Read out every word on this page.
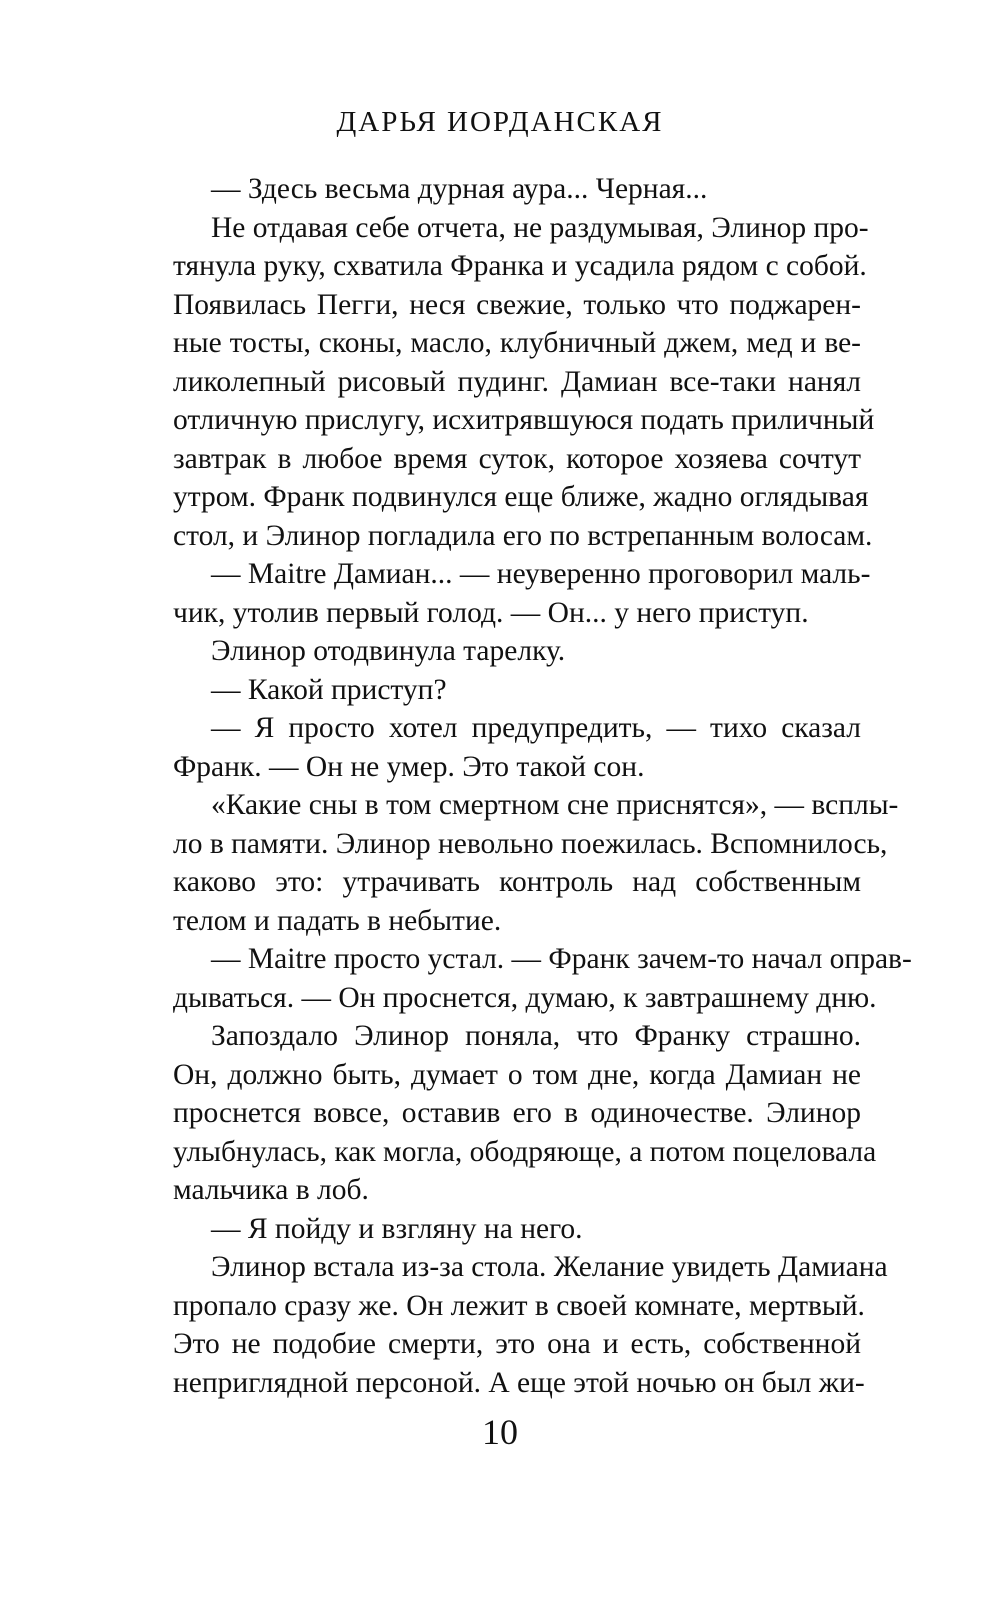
ДАРЬЯ ИОРДАНСКАЯ
— Здесь весьма дурная аура... Черная...
Не отдавая себе отчета, не раздумывая, Элинор про-
тянула руку, схватила Франка и усадила рядом с собой.
Появилась Пегги, неся свежие, только что поджарен-
ные тосты, сконы, масло, клубничный джем, мед и ве-
ликолепный рисовый пудинг. Дамиан все-таки нанял
отличную прислугу, исхитрявшуюся подать приличный
завтрак в любое время суток, которое хозяева сочтут
утром. Франк подвинулся еще ближе, жадно оглядывая
стол, и Элинор погладила его по встрепанным волосам.
— Maitre Дамиан... — неуверенно проговорил маль-
чик, утолив первый голод. — Он... у него приступ.
Элинор отодвинула тарелку.
— Какой приступ?
— Я просто хотел предупредить, — тихо сказал
Франк. — Он не умер. Это такой сон.
«Какие сны в том смертном сне приснятся», — всплы-
ло в памяти. Элинор невольно поежилась. Вспомнилось,
каково это: утрачивать контроль над собственным
телом и падать в небытие.
— Maitre просто устал. — Франк зачем-то начал оправ-
дываться. — Он проснется, думаю, к завтрашнему дню.
Запоздало Элинор поняла, что Франку страшно.
Он, должно быть, думает о том дне, когда Дамиан не
проснется вовсе, оставив его в одиночестве. Элинор
улыбнулась, как могла, ободряюще, а потом поцеловала
мальчика в лоб.
— Я пойду и взгляну на него.
Элинор встала из-за стола. Желание увидеть Дамиана
пропало сразу же. Он лежит в своей комнате, мертвый.
Это не подобие смерти, это она и есть, собственной
неприглядной персоной. А еще этой ночью он был жи-
10
